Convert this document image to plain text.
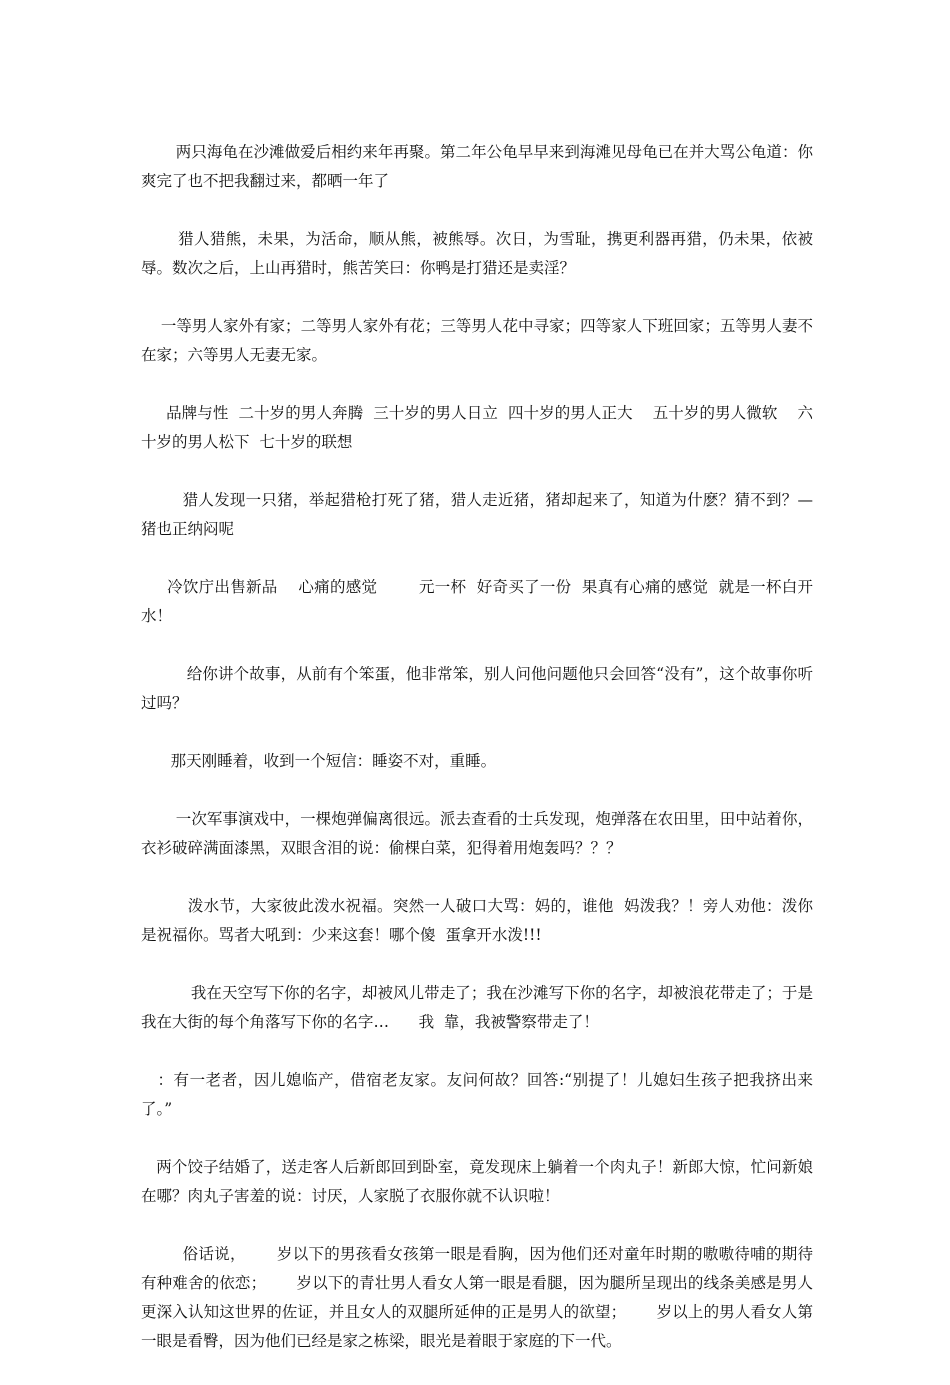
两只海龟在沙滩做爱后相约来年再聚。第二年公龟早早来到海滩见母龟已在并大骂公龟道：你爽完了也不把我翻过来，都晒一年了

猎人猎熊，未果，为活命，顺从熊，被熊辱。次日，为雪耻，携更利器再猎，仍未果，依被辱。数次之后，上山再猎时，熊苦笑曰：你鸭是打猎还是卖淫？

一等男人家外有家；二等男人家外有花；三等男人花中寻家；四等家人下班回家；五等男人妻不在家；六等男人无妻无家。

品牌与性  二十岁的男人奔腾  三十岁的男人日立  四十岁的男人正大    五十岁的男人微软    六十岁的男人松下  七十岁的联想

猎人发现一只猪，举起猎枪打死了猪，猎人走近猪，猪却起来了，知道为什麽？猜不到？—猪也正纳闷呢

冷饮庁出售新品    心痛的感觉        元一杯  好奇买了一份  果真有心痛的感觉  就是一杯白开水！

给你讲个故事，从前有个笨蛋，他非常笨，别人问他问题他只会回答“没有”，这个故事你听过吗？

那天刚睡着，收到一个短信：睡姿不对，重睡。

一次军事演戏中，一棵炮弹偏离很远。派去查看的士兵发现，炮弹落在农田里，田中站着你，衣衫破碎满面漆黑，双眼含泪的说：偷棵白菜，犯得着用炮轰吗？？？

泼水节，大家彼此泼水祝福。突然一人破口大骂：妈的，谁他  妈泼我？！旁人劝他：泼你是祝福你。骂者大吼到：少来这套！哪个傻  蛋拿开水泼!!!

我在天空写下你的名字，却被风儿带走了；我在沙滩写下你的名字，却被浪花带走了；于是我在大街的每个角落写下你的名字…      我  靠，我被警察带走了！

：有一老者，因儿媳临产，借宿老友家。友问何故？回答:“别提了！儿媳妇生孩子把我挤出来了。”

两个饺子结婚了，送走客人后新郎回到卧室，竟发现床上躺着一个肉丸子！新郎大惊，忙问新娘在哪？肉丸子害羞的说：讨厌，人家脱了衣服你就不认识啦！

俗话说，      岁以下的男孩看女孩第一眼是看胸，因为他们还对童年时期的嗷嗷待哺的期待有种难舍的依恋；      岁以下的青壮男人看女人第一眼是看腿，因为腿所呈现出的线条美感是男人更深入认知这世界的佐证，并且女人的双腿所延伸的正是男人的欲望；      岁以上的男人看女人第一眼是看臀，因为他们已经是家之栋梁，眼光是着眼于家庭的下一代。
